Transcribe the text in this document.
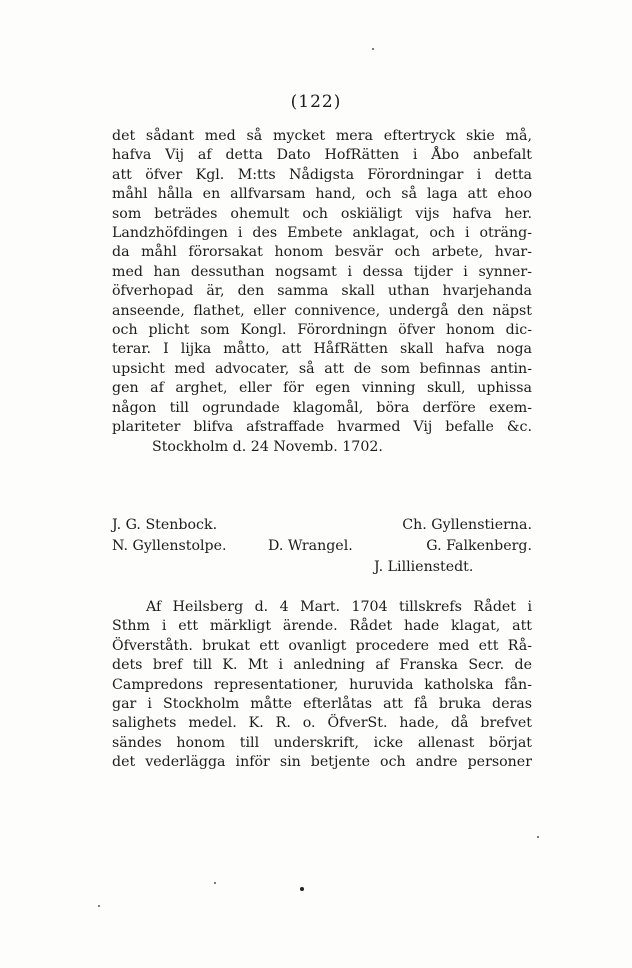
(122)
det sådant med så mycket mera eftertryck skie må,
hafva Vij af detta Dato HofRätten i Åbo anbefalt
att öfver Kgl. M:tts Nådigsta Förordningar i detta
måhl hålla en allfvarsam hand, och så laga att ehoo
som beträdes ohemult och oskiäligt vijs hafva her.
Landzhöfdingen i des Embete anklagat, och i oträng-
da måhl förorsakat honom besvär och arbete, hvar-
med han dessuthan nogsamt i dessa tijder i synner-
öfverhopad är, den samma skall uthan hvarjehanda
anseende, flathet, eller connivence, undergå den näpst
och plicht som Kongl. Förordningn öfver honom dic-
terar. I lijka måtto, att HåfRätten skall hafva noga
upsicht med advocater, så att de som befinnas antin-
gen af arghet, eller för egen vinning skull, uphissa
någon till ogrundade klagomål, böra derföre exem-
plariteter blifva afstraffade hvarmed Vij befalle &c.
Stockholm d. 24 Novemb. 1702.
J. G. Stenbock.	Ch. Gyllenstierna.
N. Gyllenstolpe.	D. Wrangel.	G. Falkenberg.
J. Lillienstedt.
Af Heilsberg d. 4 Mart. 1704 tillskrefs Rådet i
Sthm i ett märkligt ärende. Rådet hade klagat, att
Öfverståth. brukat ett ovanligt procedere med ett Rå-
dets bref till K. Mt i anledning af Franska Secr. de
Campredons representationer, huruvida katholska fån-
gar i Stockholm måtte efterlåtas att få bruka deras
salighets medel. K. R. o. ÖfverSt. hade, då brefvet
sändes honom till underskrift, icke allenast börjat
det vederlägga inför sin betjente och andre personer
